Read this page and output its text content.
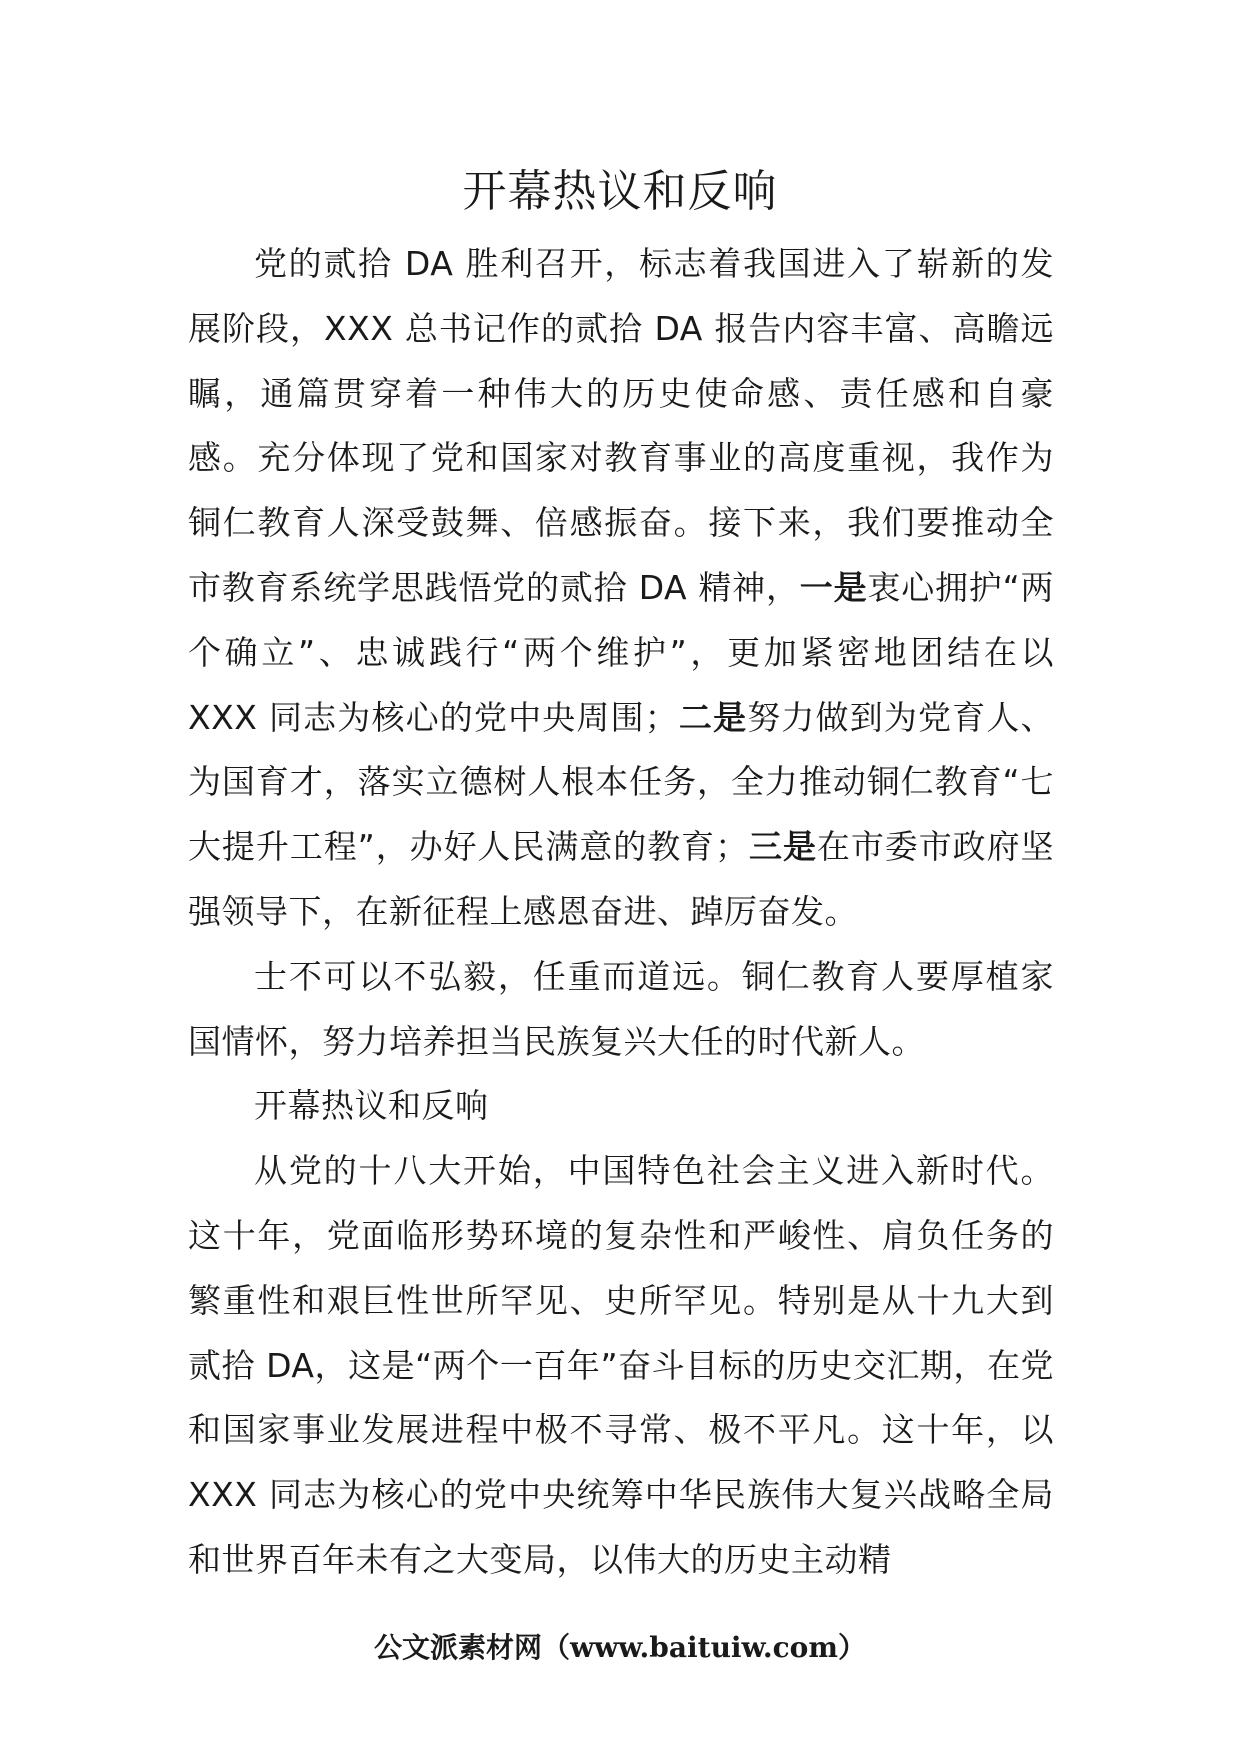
开幕热议和反响

党的贰拾 DA 胜利召开，标志着我国进入了崭新的发展阶段，XXX 总书记作的贰拾 DA 报告内容丰富、高瞻远瞩，通篇贯穿着一种伟大的历史使命感、责任感和自豪感。充分体现了党和国家对教育事业的高度重视，我作为铜仁教育人深受鼓舞、倍感振奋。接下来，我们要推动全市教育系统学思践悟党的贰拾 DA 精神，一是衷心拥护“两个确立”、忠诚践行“两个维护”，更加紧密地团结在以 XXX 同志为核心的党中央周围；二是努力做到为党育人、为国育才，落实立德树人根本任务，全力推动铜仁教育“七大提升工程”，办好人民满意的教育；三是在市委市政府坚强领导下，在新征程上感恩奋进、踔厉奋发。

士不可以不弘毅，任重而道远。铜仁教育人要厚植家国情怀，努力培养担当民族复兴大任的时代新人。

开幕热议和反响

从党的十八大开始，中国特色社会主义进入新时代。这十年，党面临形势环境的复杂性和严峻性、肩负任务的繁重性和艰巨性世所罕见、史所罕见。特别是从十九大到贰拾 DA，这是“两个一百年”奋斗目标的历史交汇期，在党和国家事业发展进程中极不寻常、极不平凡。这十年，以 XXX 同志为核心的党中央统筹中华民族伟大复兴战略全局和世界百年未有之大变局，以伟大的历史主动精

公文派素材网（www.baituiw.com）
